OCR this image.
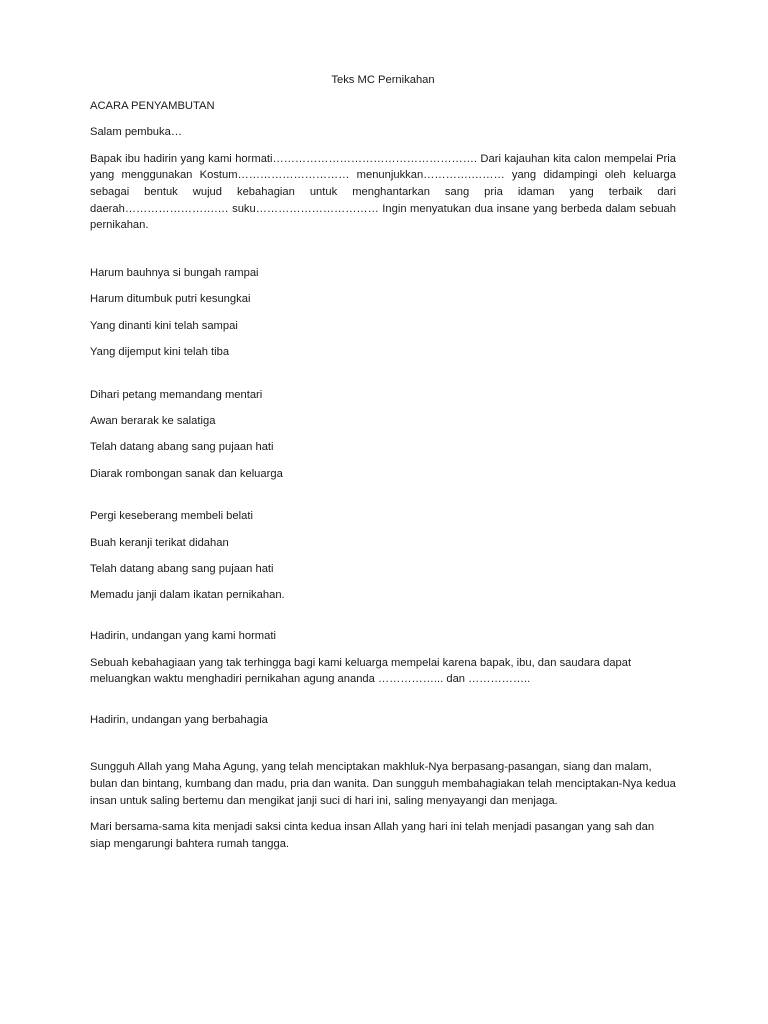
Teks MC Pernikahan
ACARA PENYAMBUTAN
Salam pembuka…
Bapak ibu hadirin yang kami hormati………………………………………………. Dari kajauhan kita calon mempelai Pria yang menggunakan Kostum………………………… menunjukkan………….……… yang didampingi oleh keluarga sebagai bentuk wujud kebahagian untuk menghantarkan sang pria idaman yang terbaik dari daerah…………………….… suku…………………………… Ingin menyatukan dua insane yang berbeda dalam sebuah pernikahan.
Harum bauhnya si bungah rampai
Harum ditumbuk putri kesungkai
Yang dinanti kini telah sampai
Yang dijemput kini telah tiba
Dihari petang memandang mentari
Awan berarak ke salatiga
Telah datang abang sang pujaan hati
Diarak rombongan sanak dan keluarga
Pergi keseberang membeli belati
Buah keranji terikat didahan
Telah datang abang sang pujaan hati
Memadu janji dalam ikatan pernikahan.
Hadirin, undangan yang kami hormati
Sebuah kebahagiaan yang tak terhingga bagi kami keluarga mempelai karena bapak, ibu, dan saudara dapat meluangkan waktu menghadiri pernikahan agung ananda ……………... dan ……………..
Hadirin, undangan yang berbahagia
Sungguh Allah yang Maha Agung, yang telah menciptakan makhluk-Nya berpasang-pasangan, siang dan malam, bulan dan bintang, kumbang dan madu, pria dan wanita. Dan sungguh membahagiakan telah menciptakan-Nya kedua insan untuk saling bertemu dan mengikat janji suci di hari ini, saling menyayangi dan menjaga.
Mari bersama-sama kita menjadi saksi cinta kedua insan Allah yang hari ini telah menjadi pasangan yang sah dan siap mengarungi bahtera rumah tangga.
